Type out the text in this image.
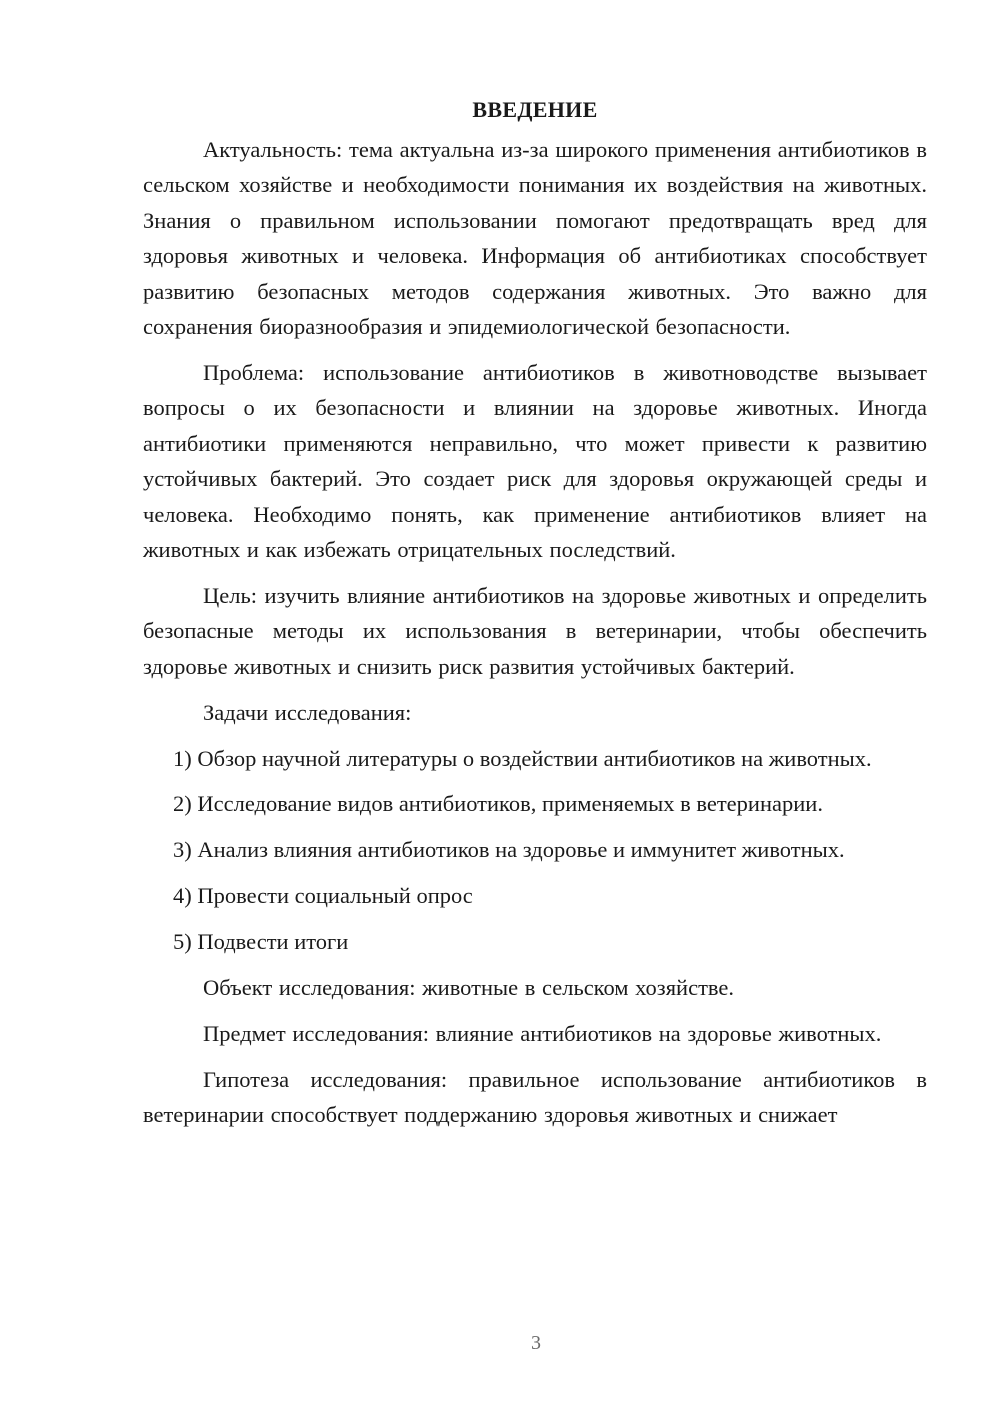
ВВЕДЕНИЕ

Актуальность: тема актуальна из-за широкого применения антибиотиков в сельском хозяйстве и необходимости понимания их воздействия на животных. Знания о правильном использовании помогают предотвращать вред для здоровья животных и человека. Информация об антибиотиках способствует развитию безопасных методов содержания животных. Это важно для сохранения биоразнообразия и эпидемиологической безопасности.

Проблема: использование антибиотиков в животноводстве вызывает вопросы о их безопасности и влиянии на здоровье животных. Иногда антибиотики применяются неправильно, что может привести к развитию устойчивых бактерий. Это создает риск для здоровья окружающей среды и человека. Необходимо понять, как применение антибиотиков влияет на животных и как избежать отрицательных последствий.

Цель: изучить влияние антибиотиков на здоровье животных и определить безопасные методы их использования в ветеринарии, чтобы обеспечить здоровье животных и снизить риск развития устойчивых бактерий.

Задачи исследования:

1) Обзор научной литературы о воздействии антибиотиков на животных.

2) Исследование видов антибиотиков, применяемых в ветеринарии.

3) Анализ влияния антибиотиков на здоровье и иммунитет животных.

4) Провести социальный опрос

5) Подвести итоги

Объект исследования: животные в сельском хозяйстве.

Предмет исследования: влияние антибиотиков на здоровье животных.

Гипотеза исследования: правильное использование антибиотиков в ветеринарии способствует поддержанию здоровья животных и снижает

3
